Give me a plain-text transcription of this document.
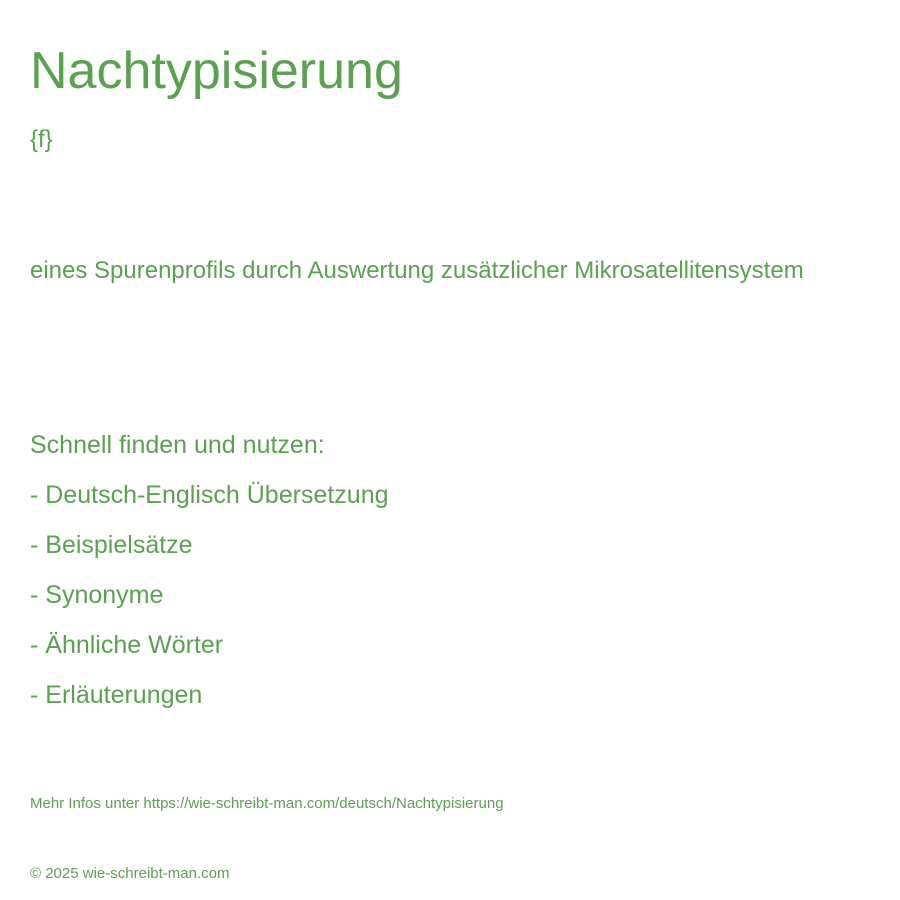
Nachtypisierung
{f}
eines Spurenprofils durch Auswertung zusätzlicher Mikrosatellitensystem
Schnell finden und nutzen:
- Deutsch-Englisch Übersetzung
- Beispielsätze
- Synonyme
- Ähnliche Wörter
- Erläuterungen
Mehr Infos unter https://wie-schreibt-man.com/deutsch/Nachtypisierung
© 2025 wie-schreibt-man.com
